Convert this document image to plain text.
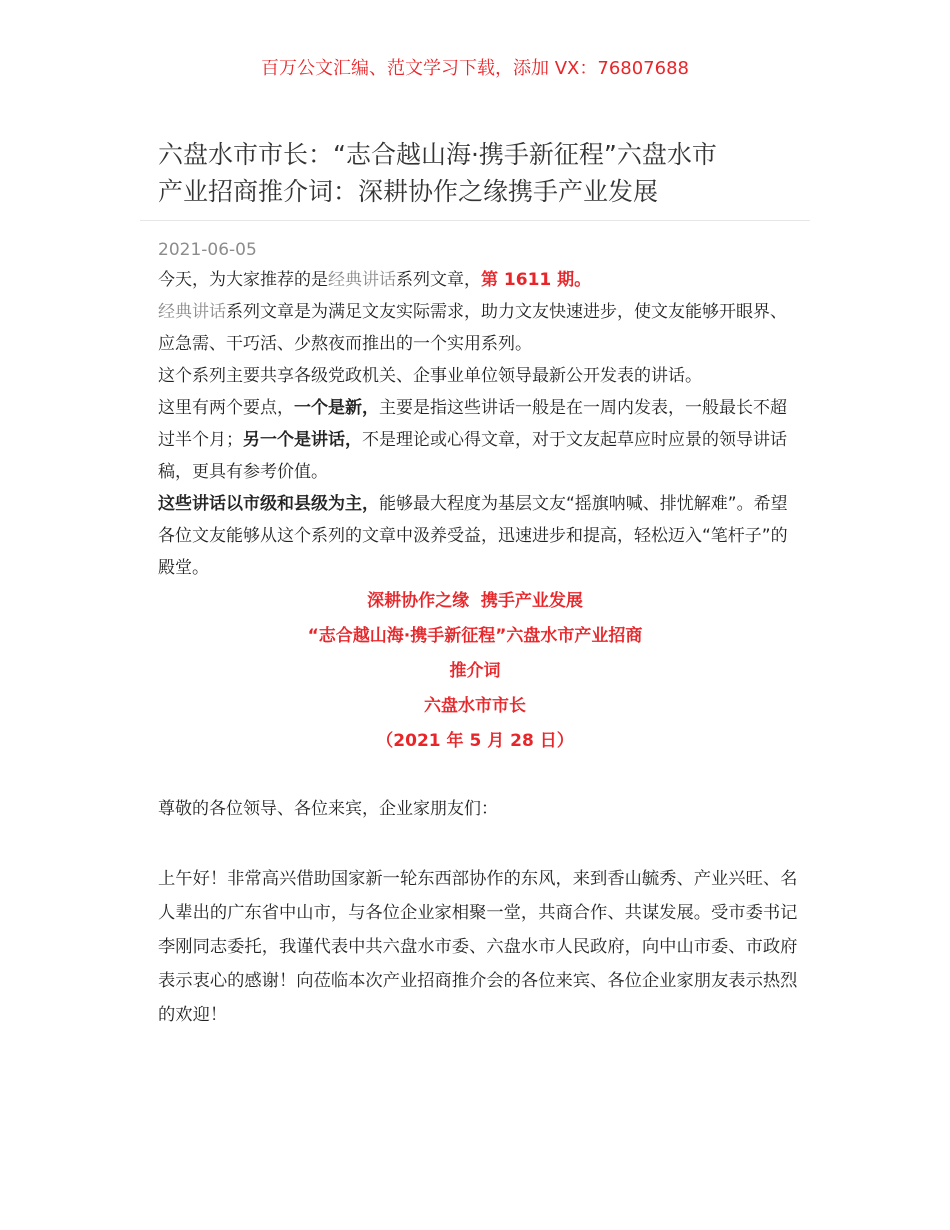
百万公文汇编、范文学习下载，添加 VX：76807688
六盘水市市长：“志合越山海·携手新征程”六盘水市
产业招商推介词：深耕协作之缘携手产业发展
2021-06-05

今天，为大家推荐的是经典讲话系列文章，第 1611 期。

经典讲话系列文章是为满足文友实际需求，助力文友快速进步，使文友能够开眼界、应急需、干巧活、少熬夜而推出的一个实用系列。

这个系列主要共享各级党政机关、企事业单位领导最新公开发表的讲话。

这里有两个要点，一个是新，主要是指这些讲话一般是在一周内发表，一般最长不超过半个月；另一个是讲话，不是理论或心得文章，对于文友起草应时应景的领导讲话稿，更具有参考价值。

这些讲话以市级和县级为主，能够最大程度为基层文友“摇旗呐喊、排忧解难”。希望各位文友能够从这个系列的文章中汲养受益，迅速进步和提高，轻松迈入“笔杆子”的殿堂。

深耕协作之缘  携手产业发展
“志合越山海·携手新征程”六盘水市产业招商
推介词
六盘水市市长
（2021 年 5 月 28 日）
尊敬的各位领导、各位来宾，企业家朋友们：
上午好！非常高兴借助国家新一轮东西部协作的东风，来到香山毓秀、产业兴旺、名人辈出的广东省中山市，与各位企业家相聚一堂，共商合作、共谋发展。受市委书记李刚同志委托，我谨代表中共六盘水市委、六盘水市人民政府，向中山市委、市政府表示衷心的感谢！向莅临本次产业招商推介会的各位来宾、各位企业家朋友表示热烈的欢迎！
